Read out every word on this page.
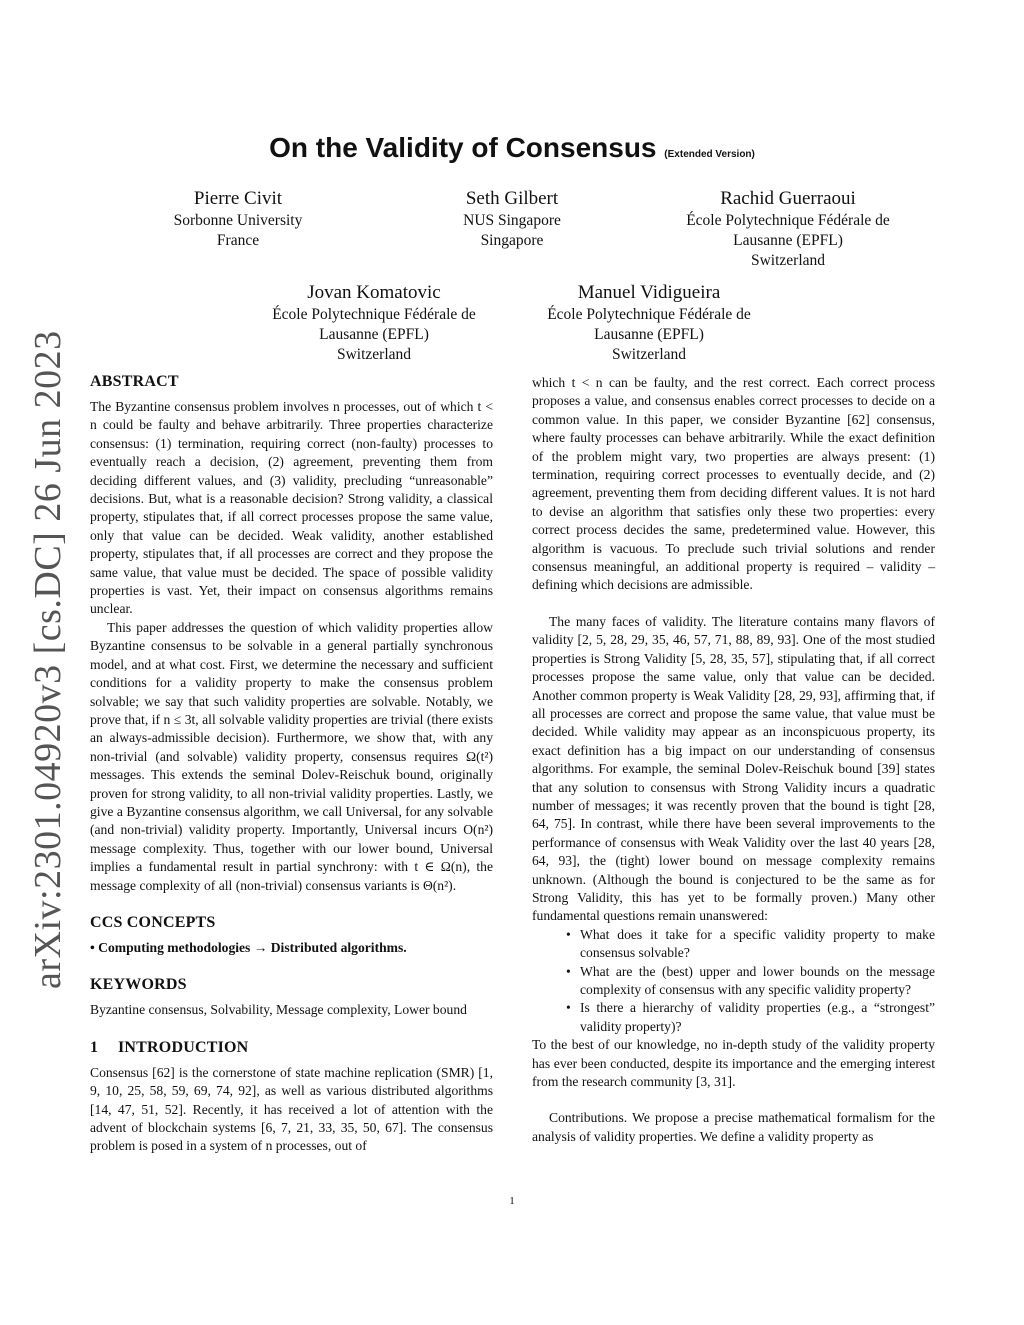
arXiv:2301.04920v3 [cs.DC] 26 Jun 2023
On the Validity of Consensus (Extended Version)
Pierre Civit
Sorbonne University
France
Seth Gilbert
NUS Singapore
Singapore
Rachid Guerraoui
École Polytechnique Fédérale de
Lausanne (EPFL)
Switzerland
Jovan Komatovic
École Polytechnique Fédérale de
Lausanne (EPFL)
Switzerland
Manuel Vidigueira
École Polytechnique Fédérale de
Lausanne (EPFL)
Switzerland
ABSTRACT

The Byzantine consensus problem involves n processes, out of which t < n could be faulty and behave arbitrarily. Three properties characterize consensus: (1) termination, requiring correct (non-faulty) processes to eventually reach a decision, (2) agreement, preventing them from deciding different values, and (3) validity, precluding “unreasonable” decisions. But, what is a reasonable decision? Strong validity, a classical property, stipulates that, if all correct processes propose the same value, only that value can be decided. Weak validity, another established property, stipulates that, if all processes are correct and they propose the same value, that value must be decided. The space of possible validity properties is vast. Yet, their impact on consensus algorithms remains unclear.

This paper addresses the question of which validity properties allow Byzantine consensus to be solvable in a general partially synchronous model, and at what cost. First, we determine the necessary and sufficient conditions for a validity property to make the consensus problem solvable; we say that such validity properties are solvable. Notably, we prove that, if n ≤ 3t, all solvable validity properties are trivial (there exists an always-admissible decision). Furthermore, we show that, with any non-trivial (and solvable) validity property, consensus requires Ω(t²) messages. This extends the seminal Dolev-Reischuk bound, originally proven for strong validity, to all non-trivial validity properties. Lastly, we give a Byzantine consensus algorithm, we call Universal, for any solvable (and non-trivial) validity property. Importantly, Universal incurs O(n²) message complexity. Thus, together with our lower bound, Universal implies a fundamental result in partial synchrony: with t ∈ Ω(n), the message complexity of all (non-trivial) consensus variants is Θ(n²).

CCS CONCEPTS

• Computing methodologies → Distributed algorithms.

KEYWORDS

Byzantine consensus, Solvability, Message complexity, Lower bound

1 INTRODUCTION

Consensus [62] is the cornerstone of state machine replication (SMR) [1, 9, 10, 25, 58, 59, 69, 74, 92], as well as various distributed algorithms [14, 47, 51, 52]. Recently, it has received a lot of attention with the advent of blockchain systems [6, 7, 21, 33, 35, 50, 67]. The consensus problem is posed in a system of n processes, out of

which t < n can be faulty, and the rest correct. Each correct process proposes a value, and consensus enables correct processes to decide on a common value. In this paper, we consider Byzantine [62] consensus, where faulty processes can behave arbitrarily. While the exact definition of the problem might vary, two properties are always present: (1) termination, requiring correct processes to eventually decide, and (2) agreement, preventing them from deciding different values. It is not hard to devise an algorithm that satisfies only these two properties: every correct process decides the same, predetermined value. However, this algorithm is vacuous. To preclude such trivial solutions and render consensus meaningful, an additional property is required – validity – defining which decisions are admissible.

The many faces of validity. The literature contains many flavors of validity [2, 5, 28, 29, 35, 46, 57, 71, 88, 89, 93]. One of the most studied properties is Strong Validity [5, 28, 35, 57], stipulating that, if all correct processes propose the same value, only that value can be decided. Another common property is Weak Validity [28, 29, 93], affirming that, if all processes are correct and propose the same value, that value must be decided. While validity may appear as an inconspicuous property, its exact definition has a big impact on our understanding of consensus algorithms. For example, the seminal Dolev-Reischuk bound [39] states that any solution to consensus with Strong Validity incurs a quadratic number of messages; it was recently proven that the bound is tight [28, 64, 75]. In contrast, while there have been several improvements to the performance of consensus with Weak Validity over the last 40 years [28, 64, 93], the (tight) lower bound on message complexity remains unknown. (Although the bound is conjectured to be the same as for Strong Validity, this has yet to be formally proven.) Many other fundamental questions remain unanswered:

• What does it take for a specific validity property to make consensus solvable?
• What are the (best) upper and lower bounds on the message complexity of consensus with any specific validity property?
• Is there a hierarchy of validity properties (e.g., a “strongest” validity property)?

To the best of our knowledge, no in-depth study of the validity property has ever been conducted, despite its importance and the emerging interest from the research community [3, 31].

Contributions. We propose a precise mathematical formalism for the analysis of validity properties. We define a validity property as

1
